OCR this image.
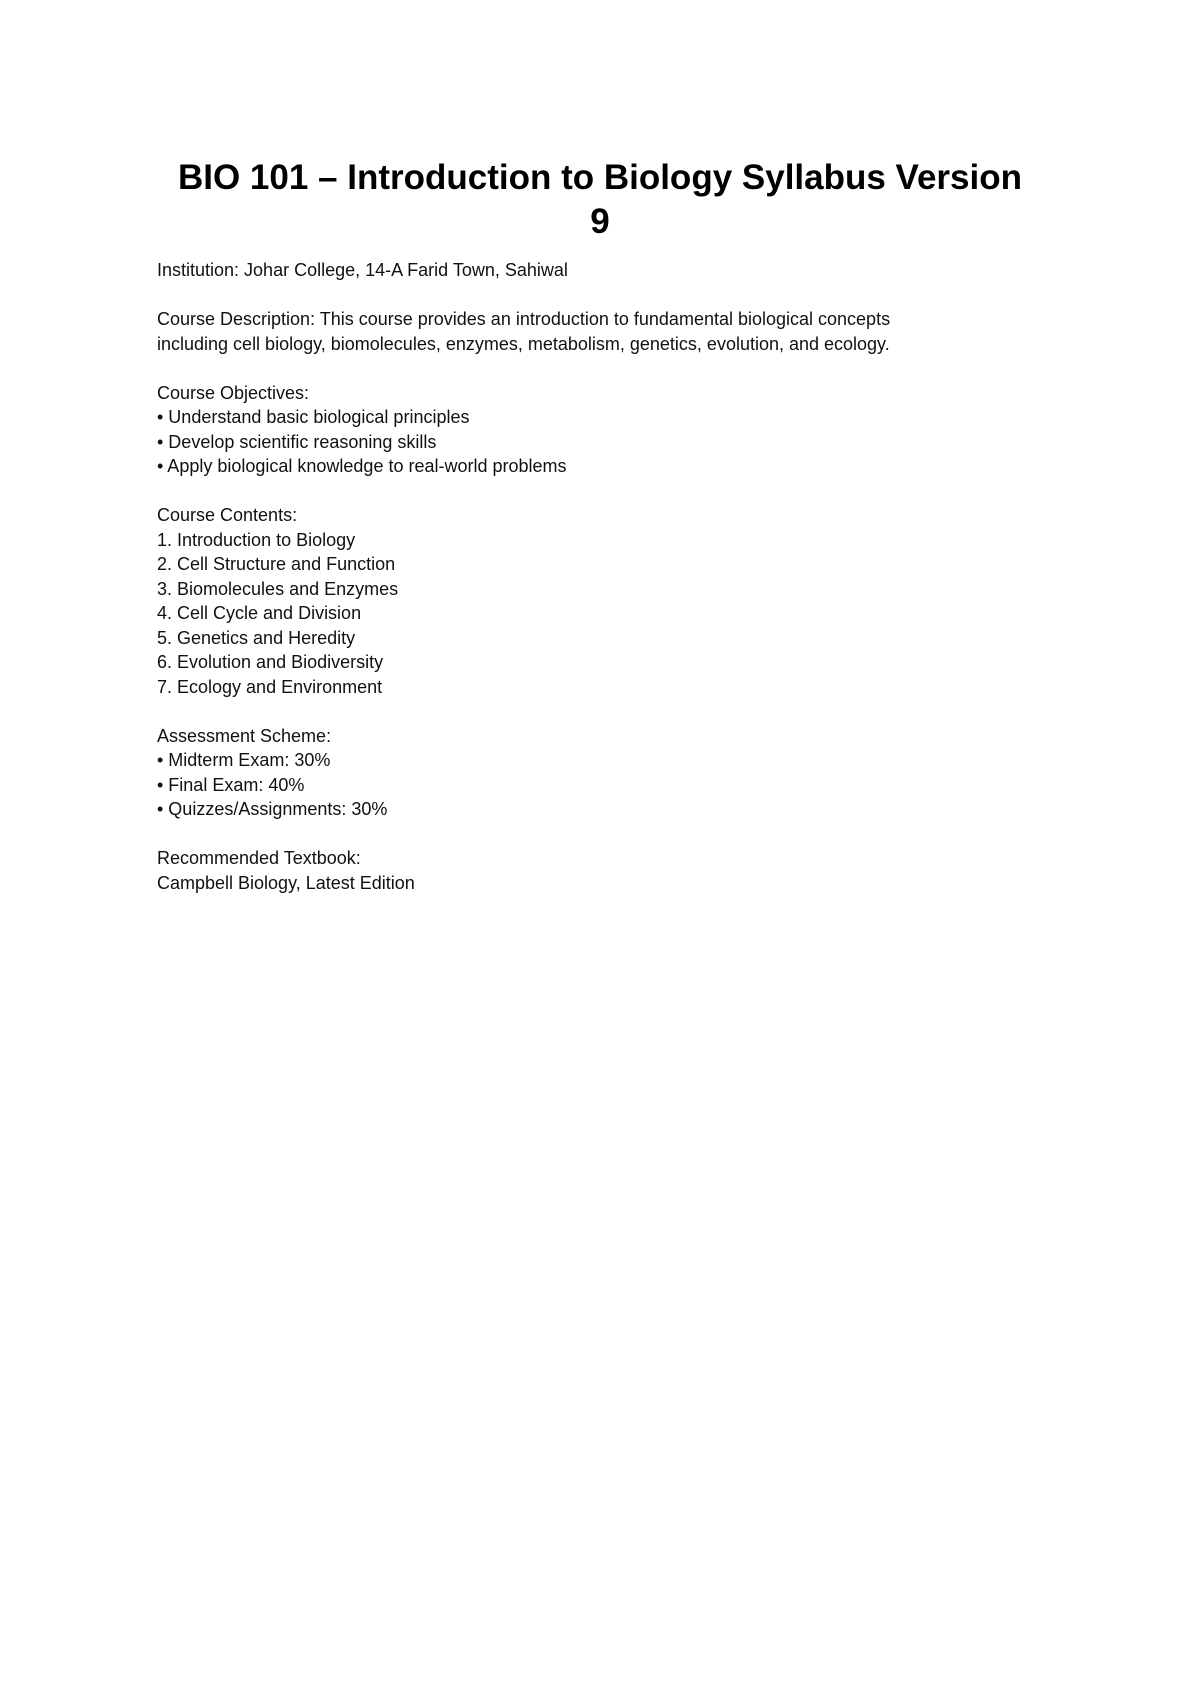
BIO 101 – Introduction to Biology Syllabus Version
9
Institution: Johar College, 14-A Farid Town, Sahiwal
Course Description: This course provides an introduction to fundamental biological concepts
including cell biology, biomolecules, enzymes, metabolism, genetics, evolution, and ecology.
Course Objectives:
• Understand basic biological principles
• Develop scientific reasoning skills
• Apply biological knowledge to real-world problems
Course Contents:
1. Introduction to Biology
2. Cell Structure and Function
3. Biomolecules and Enzymes
4. Cell Cycle and Division
5. Genetics and Heredity
6. Evolution and Biodiversity
7. Ecology and Environment
Assessment Scheme:
• Midterm Exam: 30%
• Final Exam: 40%
• Quizzes/Assignments: 30%
Recommended Textbook:
Campbell Biology, Latest Edition
